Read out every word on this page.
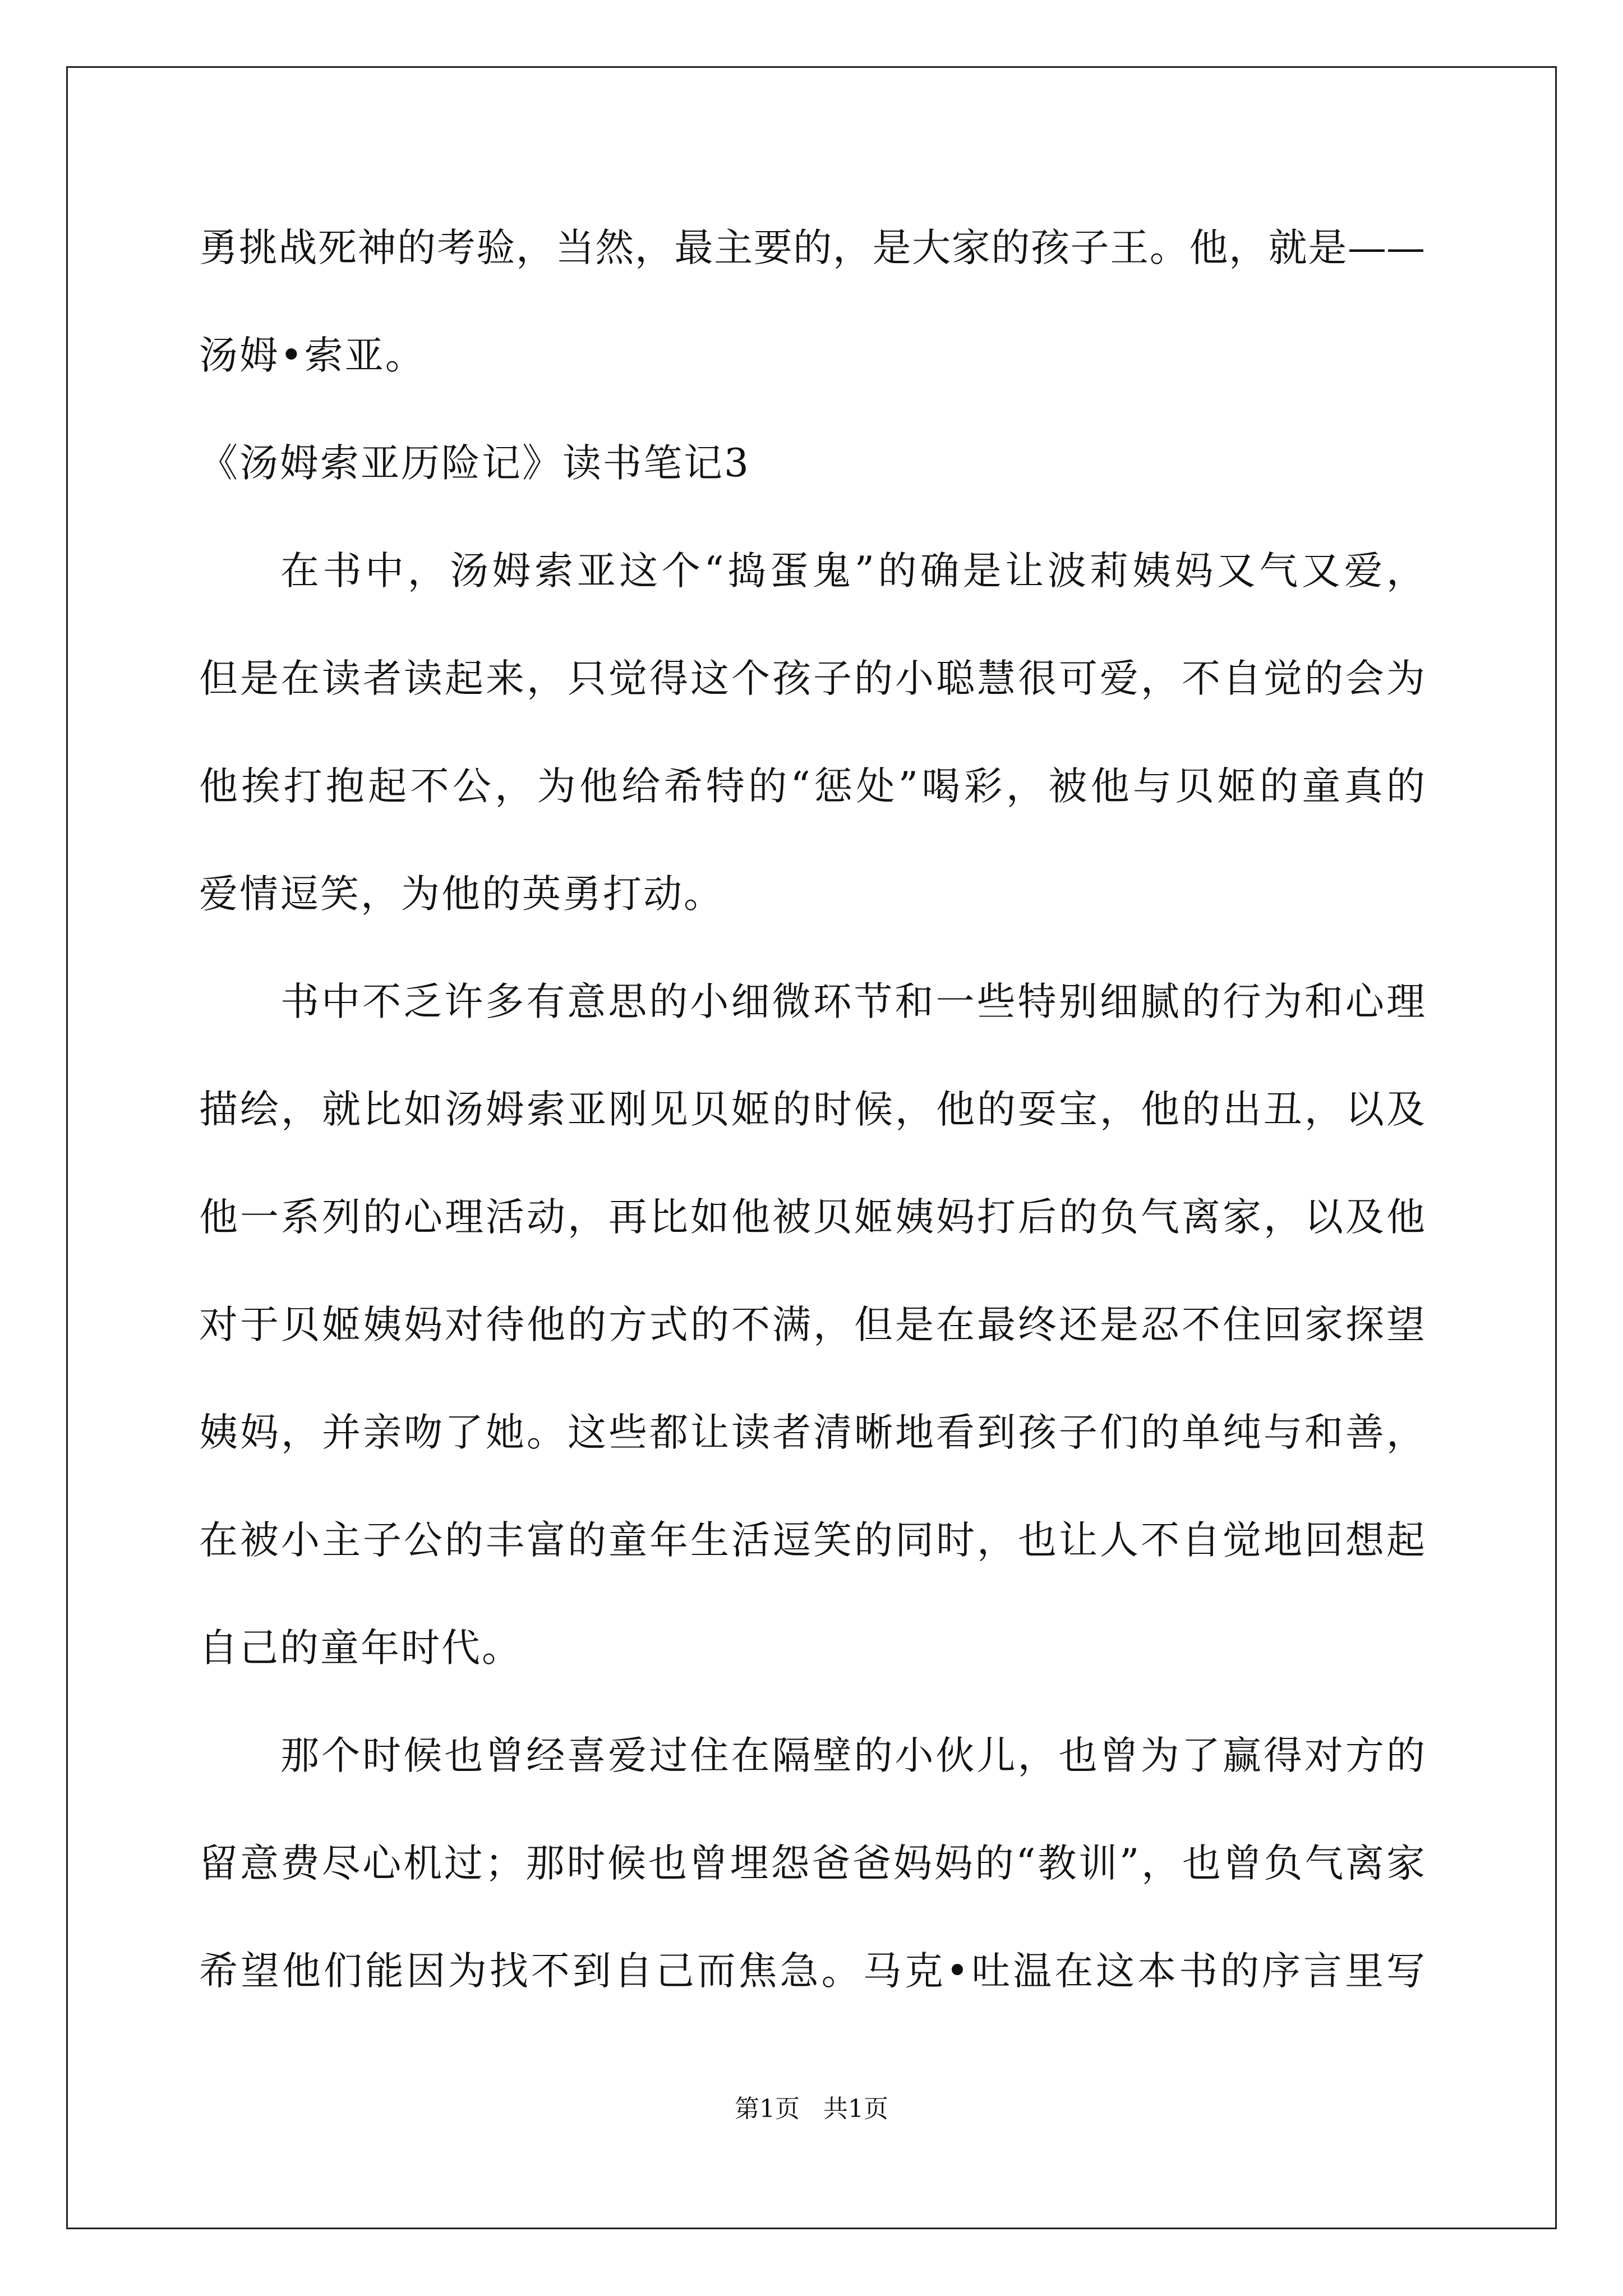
勇挑战死神的考验，当然，最主要的，是大家的孩子王。他，就是——
汤姆•索亚。
《汤姆索亚历险记》读书笔记3
在书中，汤姆索亚这个“捣蛋鬼”的确是让波莉姨妈又气又爱，
但是在读者读起来，只觉得这个孩子的小聪慧很可爱，不自觉的会为
他挨打抱起不公，为他给希特的“惩处”喝彩，被他与贝姬的童真的
爱情逗笑，为他的英勇打动。
书中不乏许多有意思的小细微环节和一些特别细腻的行为和心理
描绘，就比如汤姆索亚刚见贝姬的时候，他的耍宝，他的出丑，以及
他一系列的心理活动，再比如他被贝姬姨妈打后的负气离家，以及他
对于贝姬姨妈对待他的方式的不满，但是在最终还是忍不住回家探望
姨妈，并亲吻了她。这些都让读者清晰地看到孩子们的单纯与和善，
在被小主子公的丰富的童年生活逗笑的同时，也让人不自觉地回想起
自己的童年时代。
那个时候也曾经喜爱过住在隔壁的小伙儿，也曾为了赢得对方的
留意费尽心机过；那时候也曾埋怨爸爸妈妈的“教训”，也曾负气离家
希望他们能因为找不到自己而焦急。马克•吐温在这本书的序言里写
第1页   共1页
